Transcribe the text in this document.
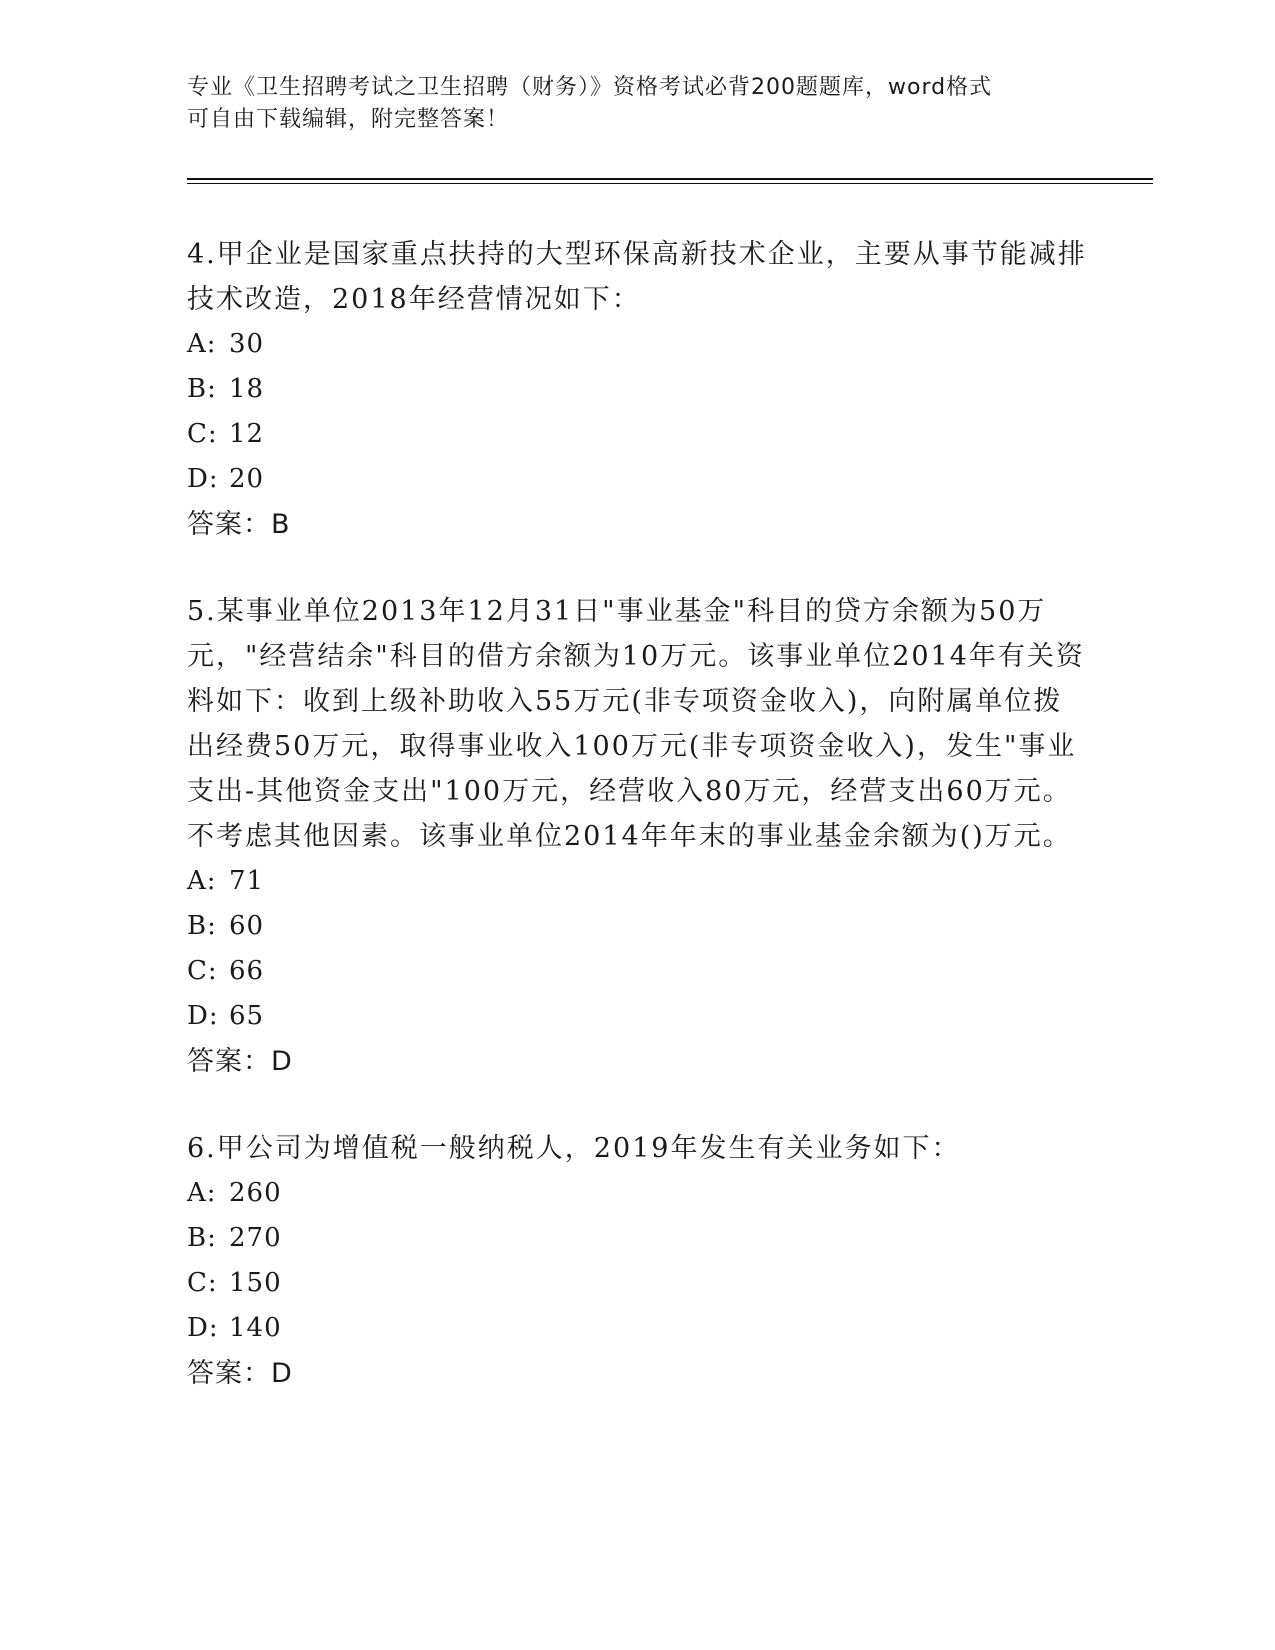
专业《卫生招聘考试之卫生招聘（财务）》资格考试必背200题题库，word格式
可自由下载编辑，附完整答案！

4.甲企业是国家重点扶持的大型环保高新技术企业，主要从事节能减排技术改造，2018年经营情况如下：

A: 30
B: 18
C: 12
D: 20
答案：B

5.某事业单位2013年12月31日"事业基金"科目的贷方余额为50万元，"经营结余"科目的借方余额为10万元。该事业单位2014年有关资料如下：收到上级补助收入55万元(非专项资金收入)，向附属单位拨出经费50万元，取得事业收入100万元(非专项资金收入)，发生"事业支出-其他资金支出"100万元，经营收入80万元，经营支出60万元。不考虑其他因素。该事业单位2014年年末的事业基金余额为()万元。

A: 71
B: 60
C: 66
D: 65
答案：D

6.甲公司为增值税一般纳税人，2019年发生有关业务如下：

A: 260
B: 270
C: 150
D: 140
答案：D
